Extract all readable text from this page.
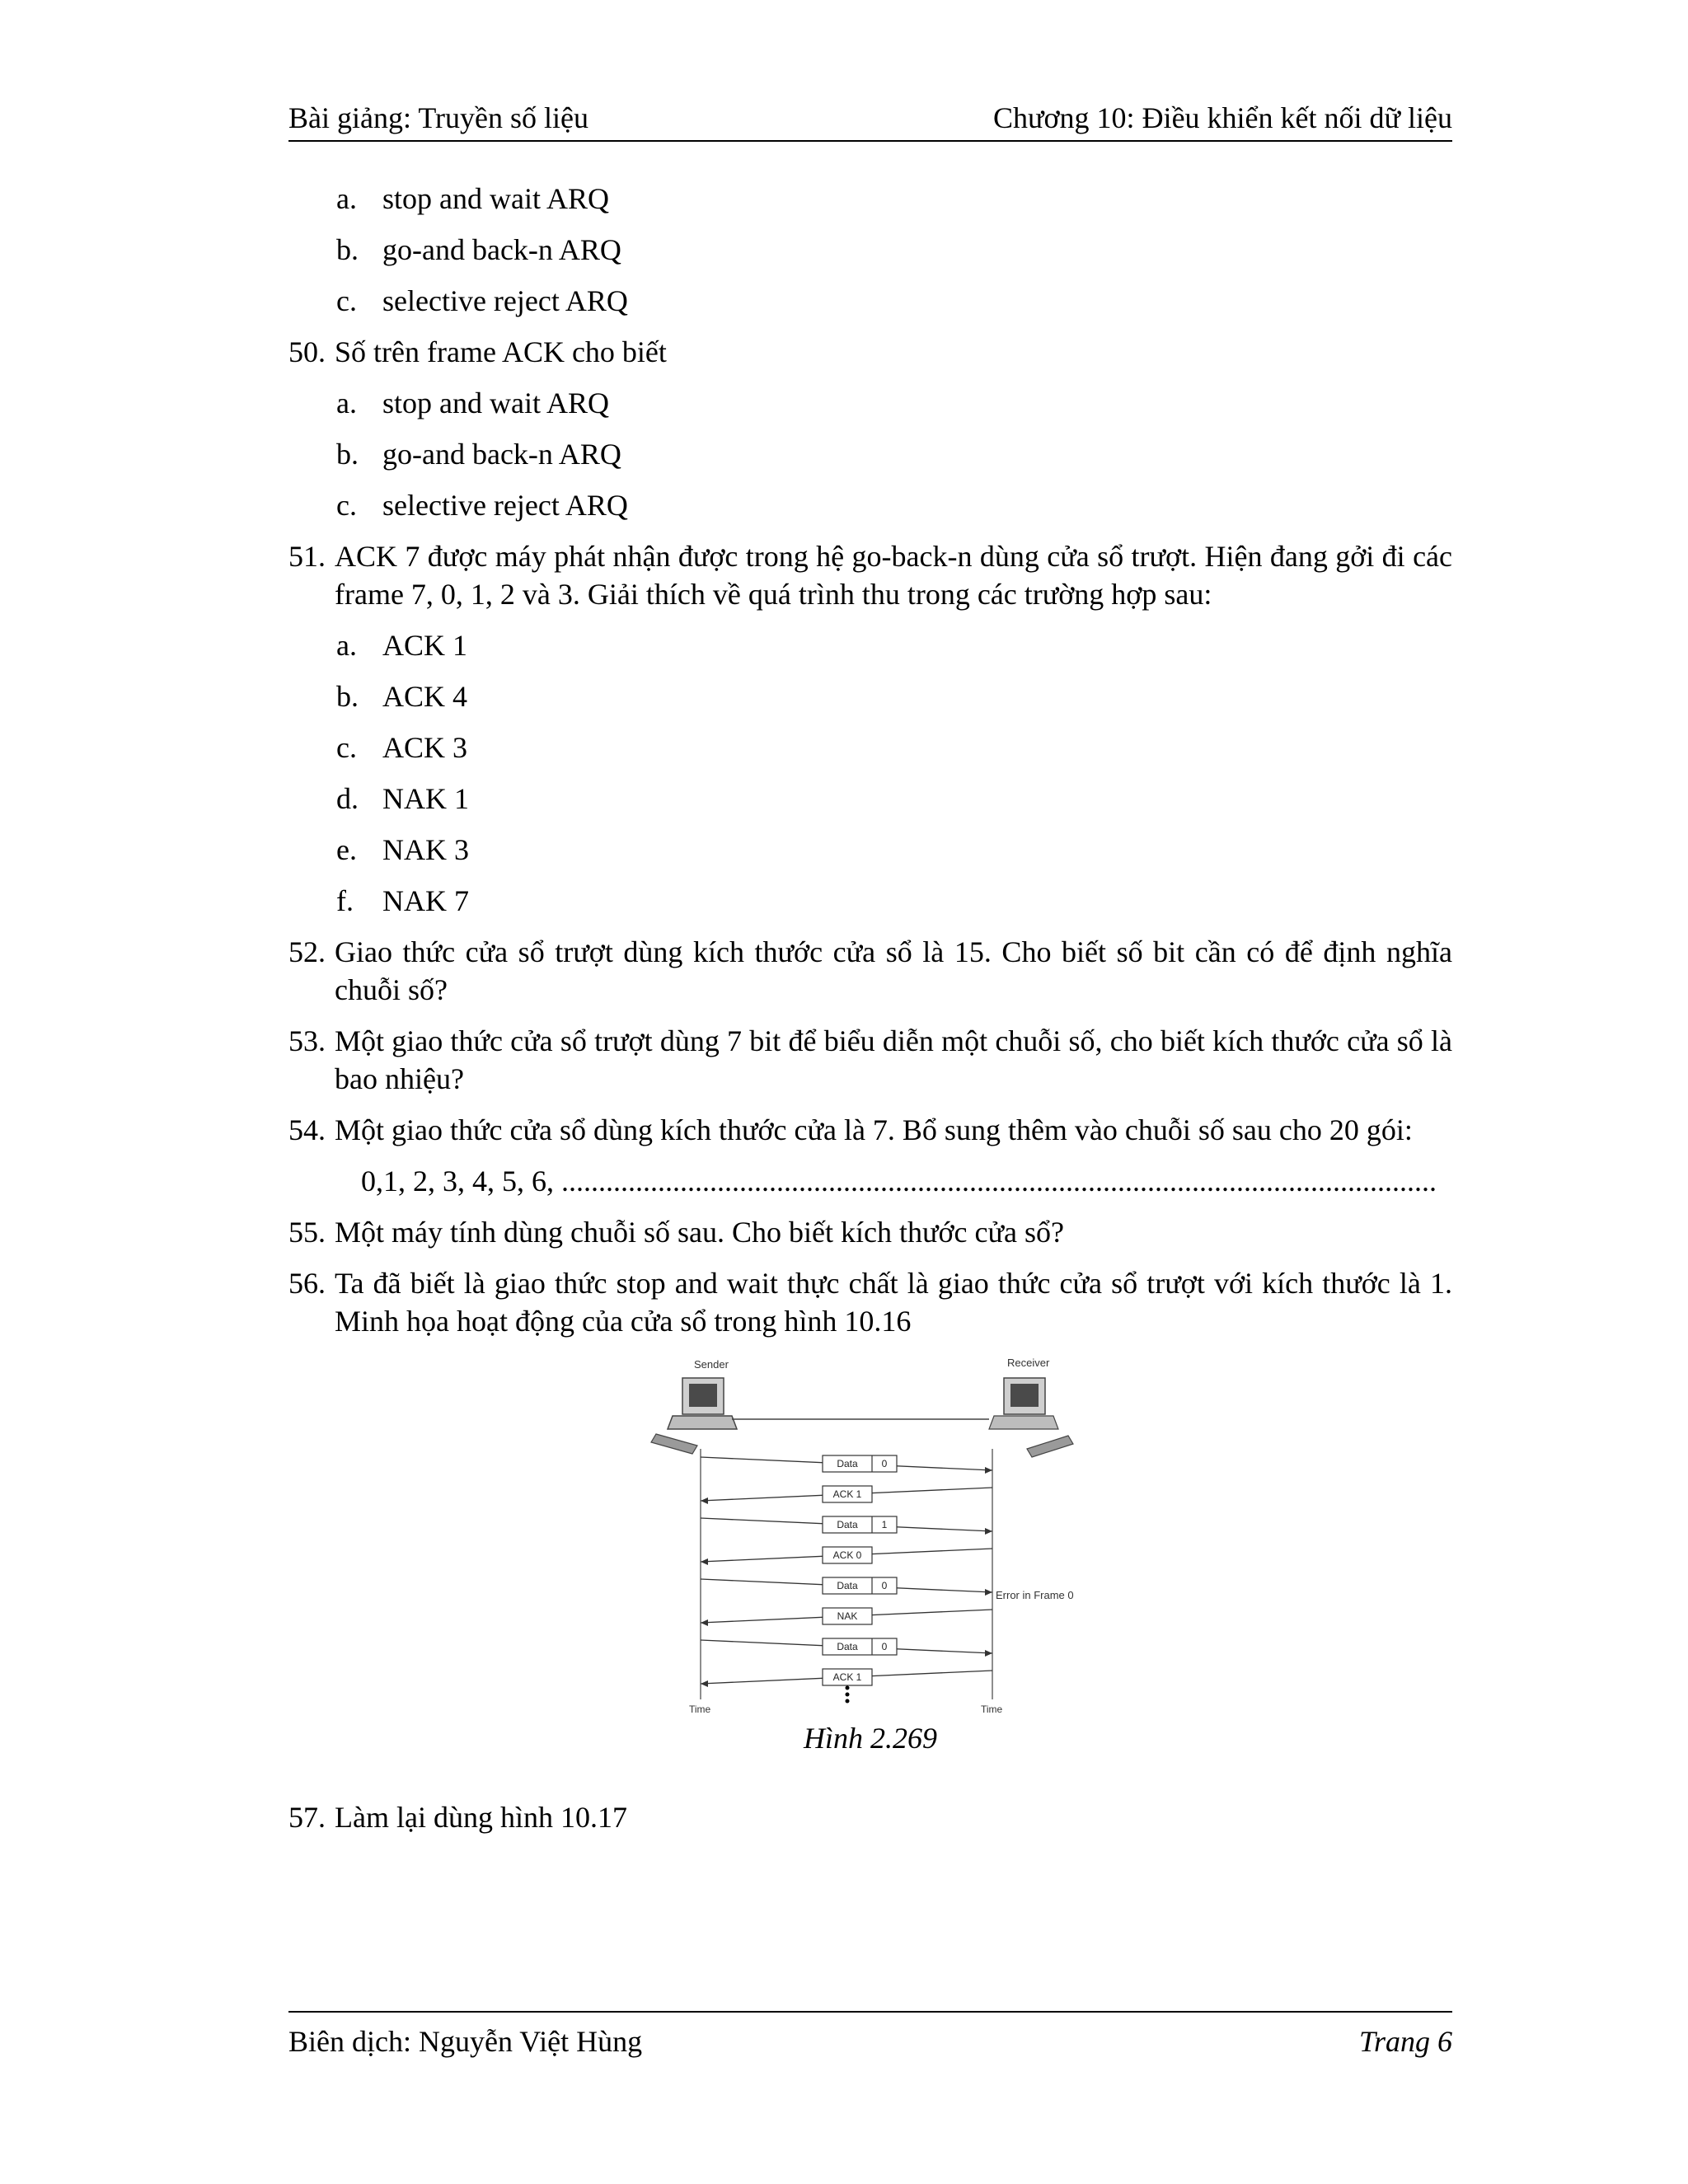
Bài giảng: Truyền số liệu	Chương 10: Điều khiển kết nối dữ liệu
a. stop and wait ARQ
b. go-and back-n ARQ
c. selective reject ARQ
50. Số trên frame ACK cho biết
a. stop and wait ARQ
b. go-and back-n ARQ
c. selective reject ARQ
51. ACK 7 được máy phát nhận được trong hệ go-back-n dùng cửa sổ trượt. Hiện đang gởi đi các frame 7, 0, 1, 2 và 3. Giải thích về quá trình thu trong các trường hợp sau:
a. ACK 1
b. ACK 4
c. ACK 3
d. NAK 1
e. NAK 3
f. NAK 7
52. Giao thức cửa sổ trượt dùng kích thước cửa sổ là 15. Cho biết số bit cần có để định nghĩa chuỗi số?
53. Một giao thức cửa sổ trượt dùng 7 bit để biểu diễn một chuỗi số, cho biết kích thước cửa sổ là bao nhiệu?
54. Một giao thức cửa sổ dùng kích thước cửa là 7. Bổ sung thêm vào chuỗi số sau cho 20 gói:
0,1, 2, 3, 4, 5, 6, ......................................................................................................................
55. Một máy tính dùng chuỗi số sau. Cho biết kích thước cửa sổ?
56. Ta đã biết là giao thức stop and wait thực chất là giao thức cửa sổ trượt với kích thước là 1. Minh họa hoạt động của cửa sổ trong hình 10.16
Sender	Receiver
Time	Time
Data 0
ACK 1
Data 1
ACK 0
Data 0
NAK
Data 0
ACK 1
Error in Frame 0
Hình 2.269
57. Làm lại dùng hình 10.17
Biên dịch: Nguyễn Việt Hùng	Trang 6
